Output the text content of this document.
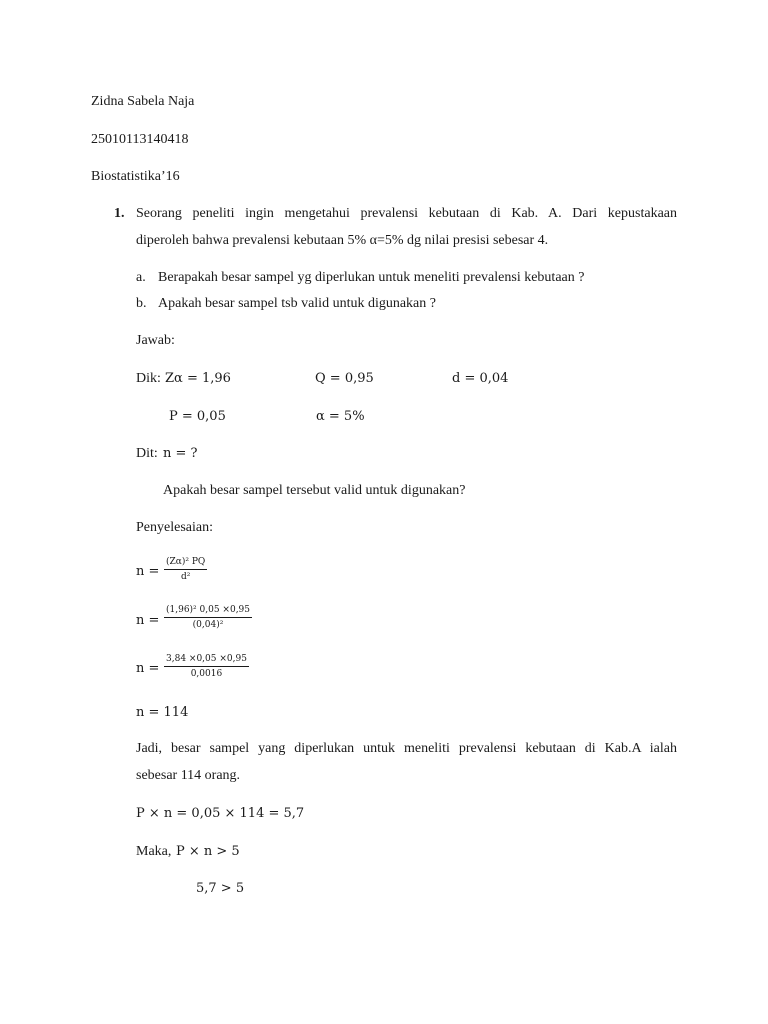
Zidna Sabela Naja
25010113140418
Biostatistika’16
1. Seorang peneliti ingin mengetahui prevalensi kebutaan di Kab. A. Dari kepustakaan
diperoleh bahwa prevalensi kebutaan 5% α=5% dg nilai presisi sebesar 4.
a. Berapakah besar sampel yg diperlukan untuk meneliti prevalensi kebutaan ?
b. Apakah besar sampel tsb valid untuk digunakan ?
Jawab:
Dik: Zα = 1,96	Q = 0,95	d = 0,04
P = 0,05	α = 5%
Dit: n = ?
Apakah besar sampel tersebut valid untuk digunakan?
Penyelesaian:
n =
(Zα)² PQ
d²
n =
(1,96)² 0,05 ×0,95
(0,04)²
n =
3,84 ×0,05 ×0,95
0,0016
n = 114
Jadi, besar sampel yang diperlukan untuk meneliti prevalensi kebutaan di Kab.A ialah
sebesar 114 orang.
P × n = 0,05 × 114 = 5,7
Maka, P × n > 5
5,7 > 5
